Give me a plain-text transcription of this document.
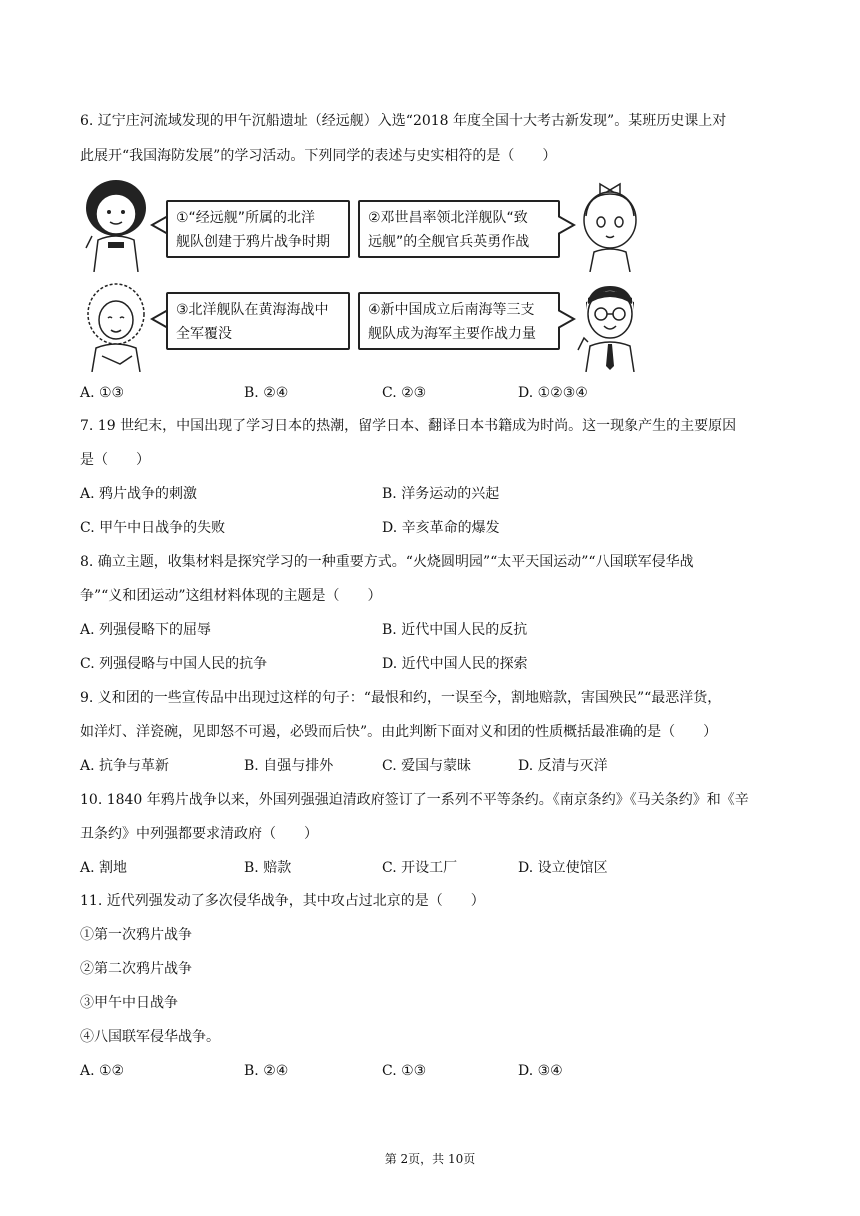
6. 辽宁庄河流域发现的甲午沉船遗址（经远舰）入选“2018 年度全国十大考古新发现”。某班历史课上对
此展开“我国海防发展”的学习活动。下列同学的表述与史实相符的是（　　）
①“经远舰”所属的北洋
舰队创建于鸦片战争时期
②邓世昌率领北洋舰队“致
远舰”的全舰官兵英勇作战
③北洋舰队在黄海海战中
全军覆没
④新中国成立后南海等三支
舰队成为海军主要作战力量
A. ①③	B. ②④	C. ②③	D. ①②③④
7. 19 世纪末，中国出现了学习日本的热潮，留学日本、翻译日本书籍成为时尚。这一现象产生的主要原因
是（　　）
A. 鸦片战争的刺激	B. 洋务运动的兴起
C. 甲午中日战争的失败	D. 辛亥革命的爆发
8. 确立主题，收集材料是探究学习的一种重要方式。“火烧圆明园”“太平天国运动”“八国联军侵华战
争”“义和团运动”这组材料体现的主题是（　　）
A. 列强侵略下的屈辱	B. 近代中国人民的反抗
C. 列强侵略与中国人民的抗争	D. 近代中国人民的探索
9. 义和团的一些宣传品中出现过这样的句子：“最恨和约，一误至今，割地赔款，害国殃民”“最恶洋货，
如洋灯、洋瓷碗，见即怒不可遏，必毁而后快”。由此判断下面对义和团的性质概括最准确的是（　　）
A. 抗争与革新	B. 自强与排外	C. 爱国与蒙昧	D. 反清与灭洋
10. 1840 年鸦片战争以来，外国列强强迫清政府签订了一系列不平等条约。《南京条约》《马关条约》和《辛
丑条约》中列强都要求清政府（　　）
A. 割地	B. 赔款	C. 开设工厂	D. 设立使馆区
11. 近代列强发动了多次侵华战争，其中攻占过北京的是（　　）
①第一次鸦片战争
②第二次鸦片战争
③甲午中日战争
④八国联军侵华战争。
A. ①②	B. ②④	C. ①③	D. ③④
第 2页，共 10页
